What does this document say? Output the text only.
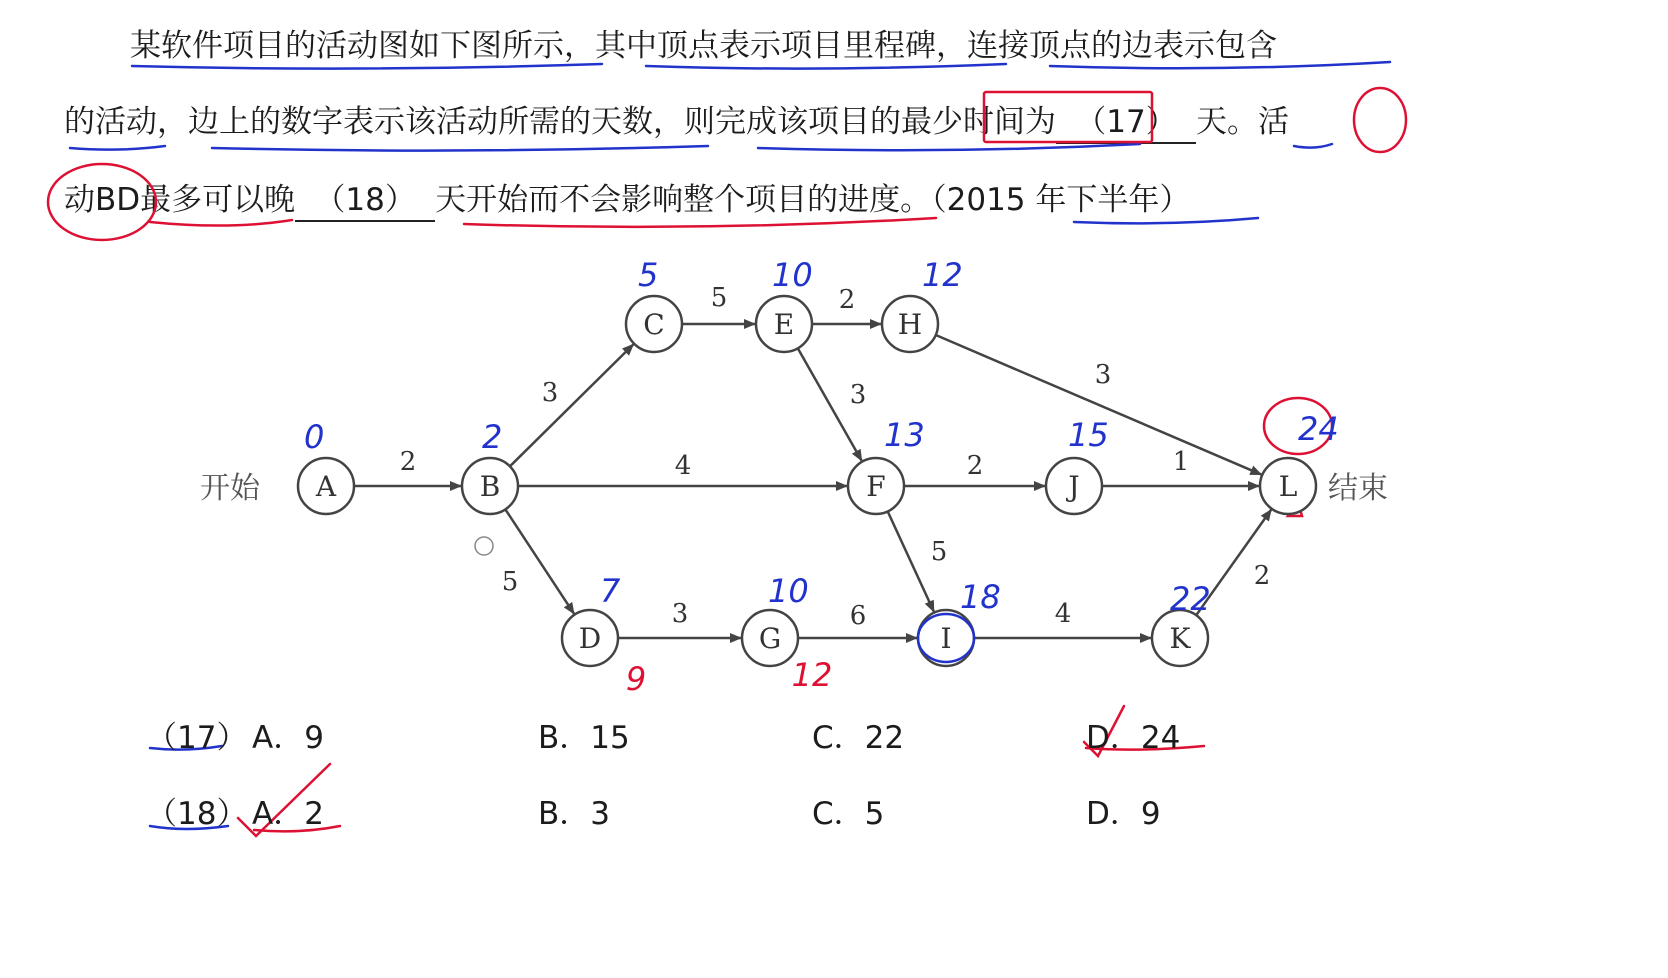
某软件项目的活动图如下图所示，其中顶点表示项目里程碑，连接顶点的边表示包含
的活动，边上的数字表示该活动所需的天数，则完成该项目的最少时间为 （17） 天。活
动BD最多可以晚 （18） 天开始而不会影响整个项目的进度。（2015 年下半年）
2
3
4
5
5	2
3
3
2	1
5
3	6	4
2
A	B
C
D
E
F
G
H
I
J
K
L
开始	结束
0	2
5	10	12
13	15	24
7	10	18	22
9	12
（17） A．9	B．15	C．22	D．24
（18） A．2	B．3	C．5	D．9
